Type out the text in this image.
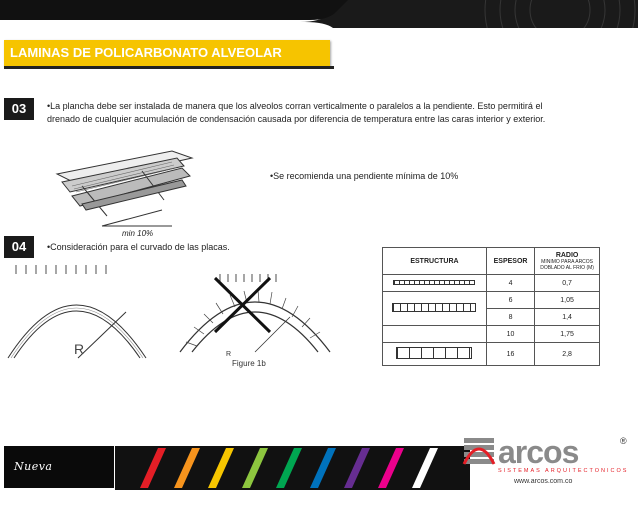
LAMINAS DE POLICARBONATO ALVEOLAR
03	•La plancha debe ser instalada de manera que los alveolos corran verticalmente o paralelos a la pendiente. Esto permitirá el drenado de cualquier acumulación de condensación causada por diferencia de temperatura entre las caras interior y exterior.
min 10%
•Se recomienda una pendiente mínima de 10%
04	•Consideración para el curvado de las placas.
R	R
Figure 1b
ESTRUCTURA	ESPESOR	RADIO
MINIMO PARA ARCOS DOBLADO AL FRIO (M)

	4	0,7
	6	1,05
	8	1,4
	10	1,75
	16	2,8
Nueva Generación
arcos	®
SISTEMAS ARQUITECTONICOS
www.arcos.com.co
